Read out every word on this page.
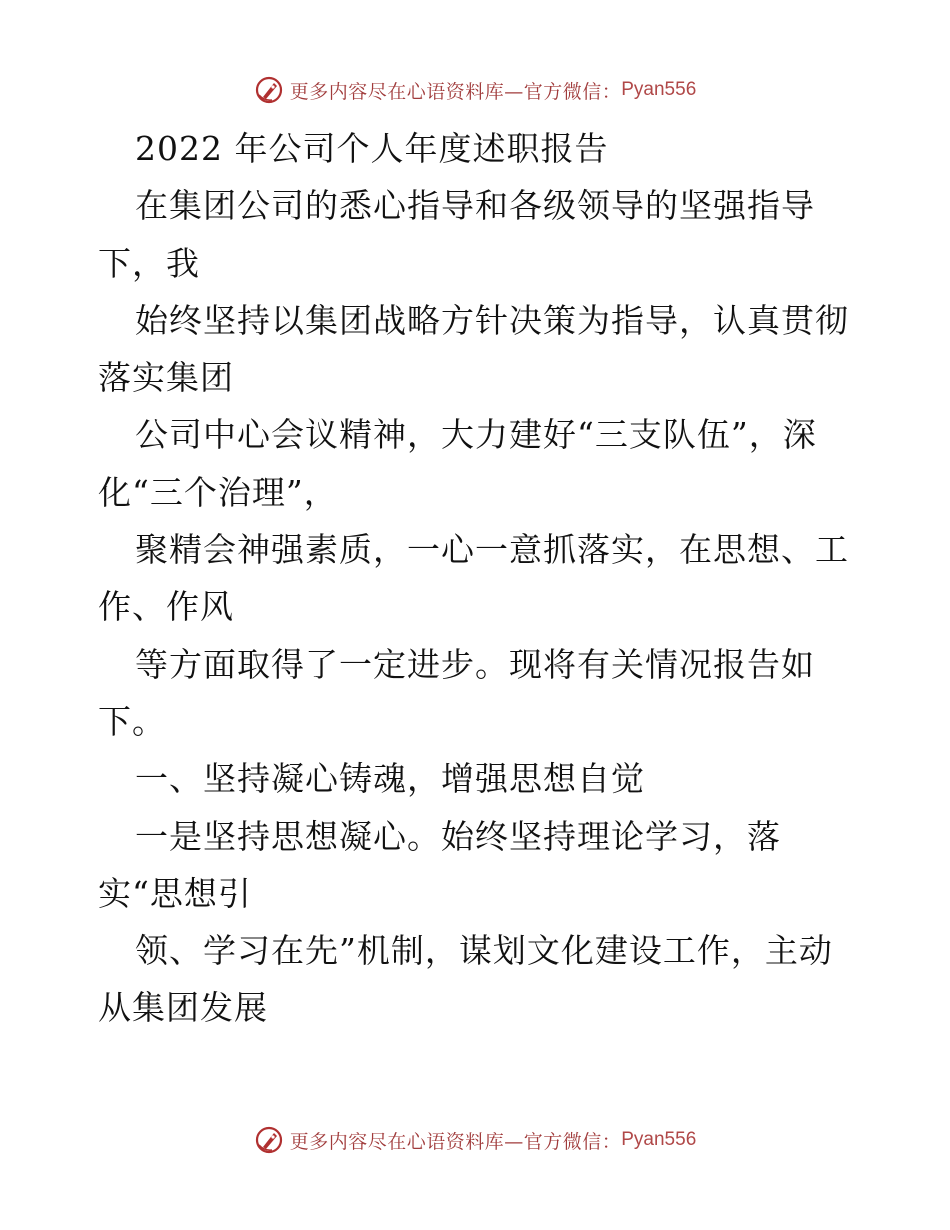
更多内容尽在心语资料库—官方微信： Pyan556
2022 年公司个人年度述职报告
在集团公司的悉心指导和各级领导的坚强指导
下，我
始终坚持以集团战略方针决策为指导，认真贯彻
落实集团
公司中心会议精神，大力建好“三支队伍”，深
化“三个治理”，
聚精会神强素质，一心一意抓落实，在思想、工
作、作风
等方面取得了一定进步。现将有关情况报告如
下。
一、坚持凝心铸魂，增强思想自觉
一是坚持思想凝心。始终坚持理论学习，落
实“思想引
领、学习在先”机制，谋划文化建设工作，主动
从集团发展
更多内容尽在心语资料库—官方微信： Pyan556
